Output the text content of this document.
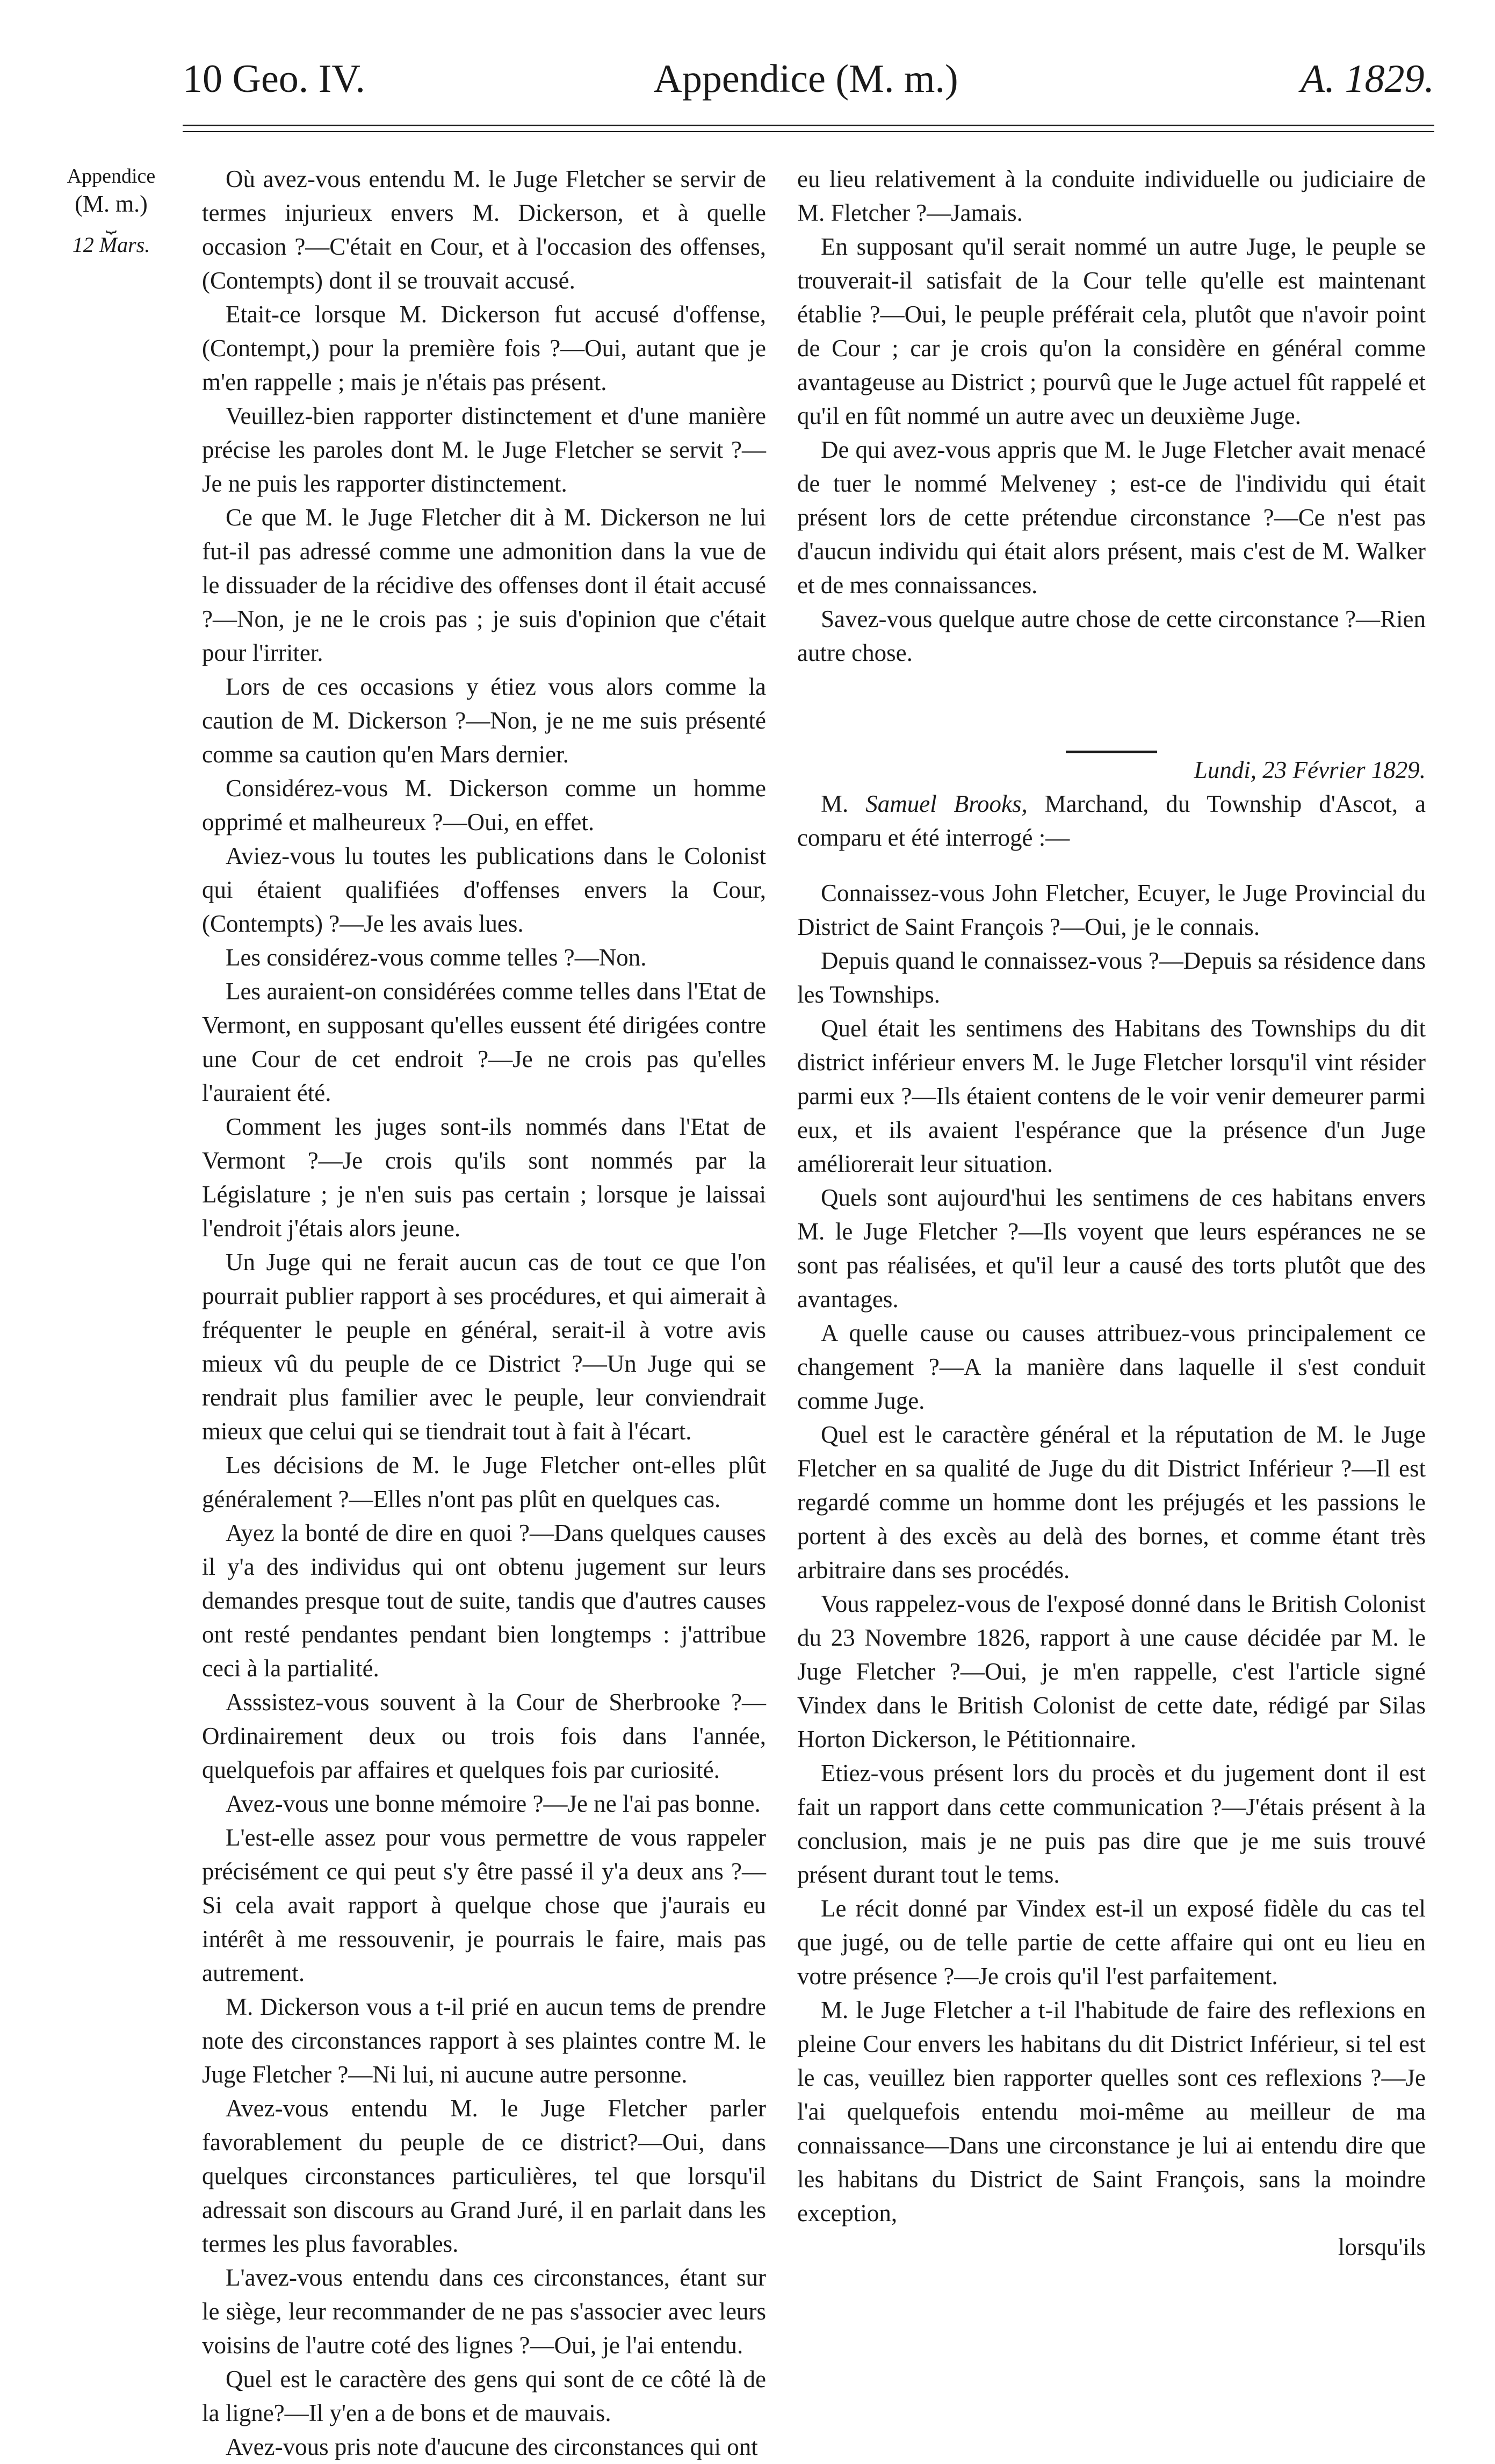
10 Geo. IV.	Appendice (M. m.)	A. 1829.
Appendice
(M. m.)
⏟
12 Mars.

Où avez-vous entendu M. le Juge Fletcher se servir de termes injurieux envers M. Dickerson, et à quelle occasion ?—C'était en Cour, et à l'occasion des offenses, (Contempts) dont il se trouvait accusé.

Etait-ce lorsque M. Dickerson fut accusé d'offense, (Contempt,) pour la première fois ?—Oui, autant que je m'en rappelle ; mais je n'étais pas présent.

Veuillez-bien rapporter distinctement et d'une manière précise les paroles dont M. le Juge Fletcher se servit ?—Je ne puis les rapporter distinctement.

Ce que M. le Juge Fletcher dit à M. Dickerson ne lui fut-il pas adressé comme une admonition dans la vue de le dissuader de la récidive des offenses dont il était accusé ?—Non, je ne le crois pas ; je suis d'opinion que c'était pour l'irriter.

Lors de ces occasions y étiez vous alors comme la caution de M. Dickerson ?—Non, je ne me suis présenté comme sa caution qu'en Mars dernier.

Considérez-vous M. Dickerson comme un homme opprimé et malheureux ?—Oui, en effet.

Aviez-vous lu toutes les publications dans le Colonist qui étaient qualifiées d'offenses envers la Cour, (Contempts) ?—Je les avais lues.

Les considérez-vous comme telles ?—Non.

Les auraient-on considérées comme telles dans l'Etat de Vermont, en supposant qu'elles eussent été dirigées contre une Cour de cet endroit ?—Je ne crois pas qu'elles l'auraient été.

Comment les juges sont-ils nommés dans l'Etat de Vermont ?—Je crois qu'ils sont nommés par la Législature ; je n'en suis pas certain ; lorsque je laissai l'endroit j'étais alors jeune.

Un Juge qui ne ferait aucun cas de tout ce que l'on pourrait publier rapport à ses procédures, et qui aimerait à fréquenter le peuple en général, serait-il à votre avis mieux vû du peuple de ce District ?—Un Juge qui se rendrait plus familier avec le peuple, leur conviendrait mieux que celui qui se tiendrait tout à fait à l'écart.

Les décisions de M. le Juge Fletcher ont-elles plût généralement ?—Elles n'ont pas plût en quelques cas.

Ayez la bonté de dire en quoi ?—Dans quelques causes il y'a des individus qui ont obtenu jugement sur leurs demandes presque tout de suite, tandis que d'autres causes ont resté pendantes pendant bien longtemps : j'attribue ceci à la partialité.

Asssistez-vous souvent à la Cour de Sherbrooke ?—Ordinairement deux ou trois fois dans l'année, quelquefois par affaires et quelques fois par curiosité.

Avez-vous une bonne mémoire ?—Je ne l'ai pas bonne.

L'est-elle assez pour vous permettre de vous rappeler précisément ce qui peut s'y être passé il y'a deux ans ?—Si cela avait rapport à quelque chose que j'aurais eu intérêt à me ressouvenir, je pourrais le faire, mais pas autrement.

M. Dickerson vous a t-il prié en aucun tems de prendre note des circonstances rapport à ses plaintes contre M. le Juge Fletcher ?—Ni lui, ni aucune autre personne.

Avez-vous entendu M. le Juge Fletcher parler favorablement du peuple de ce district?—Oui, dans quelques circonstances particulières, tel que lorsqu'il adressait son discours au Grand Juré, il en parlait dans les termes les plus favorables.

L'avez-vous entendu dans ces circonstances, étant sur le siège, leur recommander de ne pas s'associer avec leurs voisins de l'autre coté des lignes ?—Oui, je l'ai entendu.

Quel est le caractère des gens qui sont de ce côté là de la ligne?—Il y'en a de bons et de mauvais.

Avez-vous pris note d'aucune des circonstances qui ont

eu lieu relativement à la conduite individuelle ou judiciaire de M. Fletcher ?—Jamais.

En supposant qu'il serait nommé un autre Juge, le peuple se trouverait-il satisfait de la Cour telle qu'elle est maintenant établie ?—Oui, le peuple préférait cela, plutôt que n'avoir point de Cour ; car je crois qu'on la considère en général comme avantageuse au District ; pourvû que le Juge actuel fût rappelé et qu'il en fût nommé un autre avec un deuxième Juge.

De qui avez-vous appris que M. le Juge Fletcher avait menacé de tuer le nommé Melveney ; est-ce de l'individu qui était présent lors de cette prétendue circonstance ?—Ce n'est pas d'aucun individu qui était alors présent, mais c'est de M. Walker et de mes connaissances.

Savez-vous quelque autre chose de cette circonstance ?—Rien autre chose.

Lundi, 23 Février 1829.

M. Samuel Brooks, Marchand, du Township d'Ascot, a comparu et été interrogé :—

Connaissez-vous John Fletcher, Ecuyer, le Juge Provincial du District de Saint François ?—Oui, je le connais.

Depuis quand le connaissez-vous ?—Depuis sa résidence dans les Townships.

Quel était les sentimens des Habitans des Townships du dit district inférieur envers M. le Juge Fletcher lorsqu'il vint résider parmi eux ?—Ils étaient contens de le voir venir demeurer parmi eux, et ils avaient l'espérance que la présence d'un Juge améliorerait leur situation.

Quels sont aujourd'hui les sentimens de ces habitans envers M. le Juge Fletcher ?—Ils voyent que leurs espérances ne se sont pas réalisées, et qu'il leur a causé des torts plutôt que des avantages.

A quelle cause ou causes attribuez-vous principalement ce changement ?—A la manière dans laquelle il s'est conduit comme Juge.

Quel est le caractère général et la réputation de M. le Juge Fletcher en sa qualité de Juge du dit District Inférieur ?—Il est regardé comme un homme dont les préjugés et les passions le portent à des excès au delà des bornes, et comme étant très arbitraire dans ses procédés.

Vous rappelez-vous de l'exposé donné dans le British Colonist du 23 Novembre 1826, rapport à une cause décidée par M. le Juge Fletcher ?—Oui, je m'en rappelle, c'est l'article signé Vindex dans le British Colonist de cette date, rédigé par Silas Horton Dickerson, le Pétitionnaire.

Etiez-vous présent lors du procès et du jugement dont il est fait un rapport dans cette communication ?—J'étais présent à la conclusion, mais je ne puis pas dire que je me suis trouvé présent durant tout le tems.

Le récit donné par Vindex est-il un exposé fidèle du cas tel que jugé, ou de telle partie de cette affaire qui ont eu lieu en votre présence ?—Je crois qu'il l'est parfaitement.

M. le Juge Fletcher a t-il l'habitude de faire des reflexions en pleine Cour envers les habitans du dit District Inférieur, si tel est le cas, veuillez bien rapporter quelles sont ces reflexions ?—Je l'ai quelquefois entendu moi-même au meilleur de ma connaissance—Dans une circonstance je lui ai entendu dire que les habitans du District de Saint François, sans la moindre exception,

lorsqu'ils
